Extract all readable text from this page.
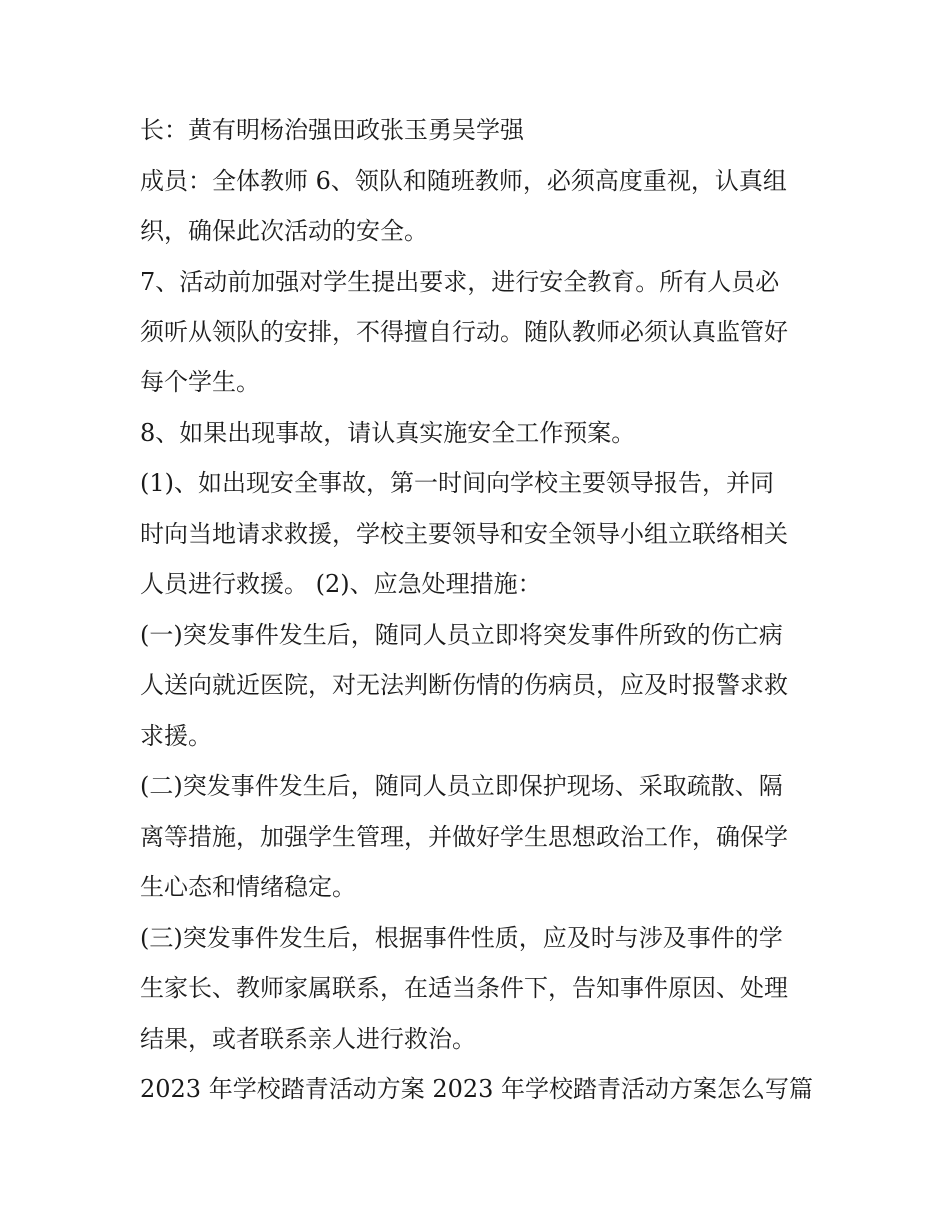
长：黄有明杨治强田政张玉勇吴学强
成员：全体教师 6、领队和随班教师，必须高度重视，认真组
织，确保此次活动的安全。
7、活动前加强对学生提出要求，进行安全教育。所有人员必
须听从领队的安排，不得擅自行动。随队教师必须认真监管好
每个学生。
8、如果出现事故，请认真实施安全工作预案。
(1)、如出现安全事故，第一时间向学校主要领导报告，并同
时向当地请求救援，学校主要领导和安全领导小组立联络相关
人员进行救援。 (2)、应急处理措施：
(一)突发事件发生后，随同人员立即将突发事件所致的伤亡病
人送向就近医院，对无法判断伤情的伤病员，应及时报警求救
求援。
(二)突发事件发生后，随同人员立即保护现场、采取疏散、隔
离等措施，加强学生管理，并做好学生思想政治工作，确保学
生心态和情绪稳定。
(三)突发事件发生后，根据事件性质，应及时与涉及事件的学
生家长、教师家属联系，在适当条件下，告知事件原因、处理
结果，或者联系亲人进行救治。
2023 年学校踏青活动方案 2023 年学校踏青活动方案怎么写篇
